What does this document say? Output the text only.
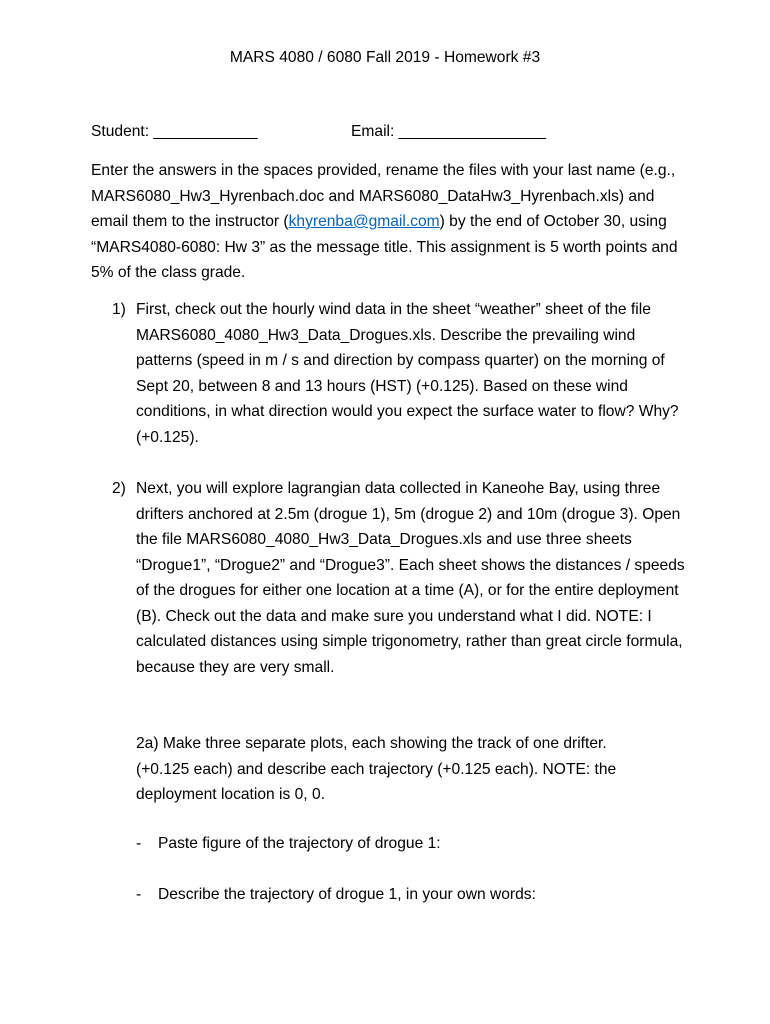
MARS 4080 / 6080 Fall 2019 - Homework #3
Student: ____________	Email: _________________

Enter the answers in the spaces provided, rename the files with your last name (e.g., MARS6080_Hw3_Hyrenbach.doc and MARS6080_DataHw3_Hyrenbach.xls) and email them to the instructor (khyrenba@gmail.com) by the end of October 30, using “MARS4080-6080: Hw 3” as the message title. This assignment is 5 worth points and 5% of the class grade.

1) First, check out the hourly wind data in the sheet “weather” sheet of the file MARS6080_4080_Hw3_Data_Drogues.xls. Describe the prevailing wind patterns (speed in m / s and direction by compass quarter) on the morning of Sept 20, between 8 and 13 hours (HST) (+0.125). Based on these wind conditions, in what direction would you expect the surface water to flow? Why? (+0.125).

2) Next, you will explore lagrangian data collected in Kaneohe Bay, using three drifters anchored at 2.5m (drogue 1), 5m (drogue 2) and 10m (drogue 3). Open the file MARS6080_4080_Hw3_Data_Drogues.xls and use three sheets “Drogue1”, “Drogue2” and “Drogue3”. Each sheet shows the distances / speeds of the drogues for either one location at a time (A), or for the entire deployment (B). Check out the data and make sure you understand what I did. NOTE: I calculated distances using simple trigonometry, rather than great circle formula, because they are very small.

2a) Make three separate plots, each showing the track of one drifter. (+0.125 each) and describe each trajectory (+0.125 each). NOTE: the deployment location is 0, 0.

- Paste figure of the trajectory of drogue 1:
- Describe the trajectory of drogue 1, in your own words:
